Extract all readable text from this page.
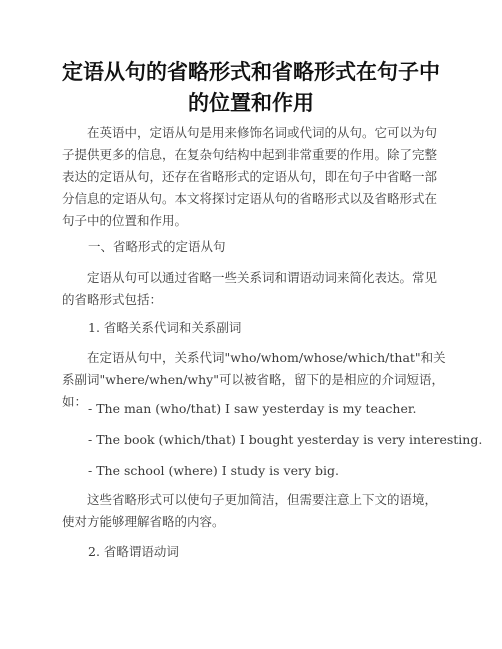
定语从句的省略形式和省略形式在句子中的位置和作用

在英语中，定语从句是用来修饰名词或代词的从句。它可以为句子提供更多的信息，在复杂句结构中起到非常重要的作用。除了完整表达的定语从句，还存在省略形式的定语从句，即在句子中省略一部分信息的定语从句。本文将探讨定语从句的省略形式以及省略形式在句子中的位置和作用。

一、省略形式的定语从句

定语从句可以通过省略一些关系词和谓语动词来简化表达。常见的省略形式包括：

1. 省略关系代词和关系副词

在定语从句中，关系代词"who/whom/whose/which/that"和关系副词"where/when/why"可以被省略，留下的是相应的介词短语，如： - The man (who/that) I saw yesterday is my teacher.

- The book (which/that) I bought yesterday is very interesting.

- The school (where) I study is very big.

这些省略形式可以使句子更加简洁，但需要注意上下文的语境，使对方能够理解省略的内容。

2. 省略谓语动词
